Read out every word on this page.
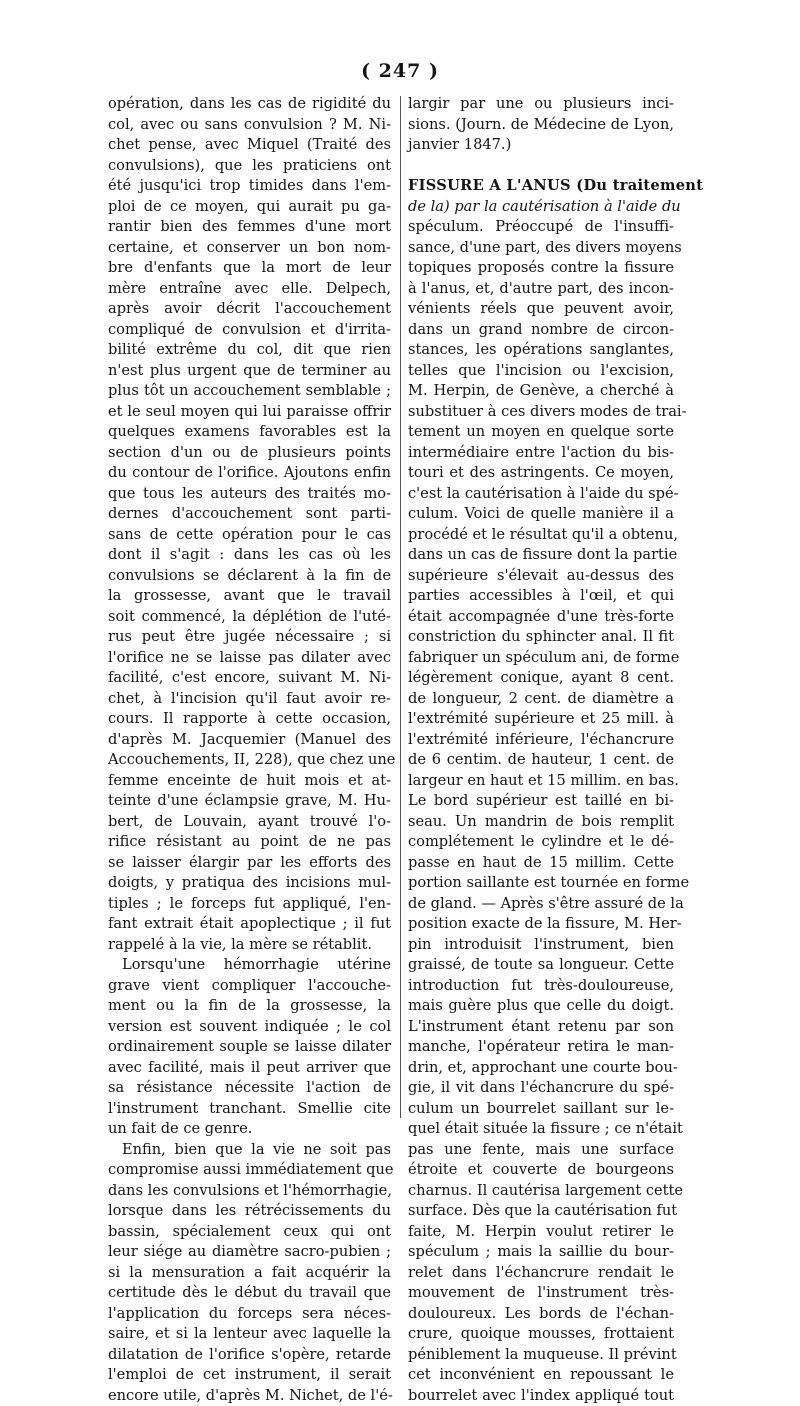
( 247 )
opération, dans les cas de rigidité du
col, avec ou sans convulsion ? M. Ni-
chet pense, avec Miquel (Traité des
convulsions), que les praticiens ont
été jusqu'ici trop timides dans l'em-
ploi de ce moyen, qui aurait pu ga-
rantir bien des femmes d'une mort
certaine, et conserver un bon nom-
bre d'enfants que la mort de leur
mère entraîne avec elle. Delpech,
après avoir décrit l'accouchement
compliqué de convulsion et d'irrita-
bilité extrême du col, dit que rien
n'est plus urgent que de terminer au
plus tôt un accouchement semblable ;
et le seul moyen qui lui paraisse offrir
quelques examens favorables est la
section d'un ou de plusieurs points
du contour de l'orifice. Ajoutons enfin
que tous les auteurs des traités mo-
dernes d'accouchement sont parti-
sans de cette opération pour le cas
dont il s'agit : dans les cas où les
convulsions se déclarent à la fin de
la grossesse, avant que le travail
soit commencé, la déplétion de l'uté-
rus peut être jugée nécessaire ; si
l'orifice ne se laisse pas dilater avec
facilité, c'est encore, suivant M. Ni-
chet, à l'incision qu'il faut avoir re-
cours. Il rapporte à cette occasion,
d'après M. Jacquemier (Manuel des
Accouchements, II, 228), que chez une
femme enceinte de huit mois et at-
teinte d'une éclampsie grave, M. Hu-
bert, de Louvain, ayant trouvé l'o-
rifice résistant au point de ne pas
se laisser élargir par les efforts des
doigts, y pratiqua des incisions mul-
tiples ; le forceps fut appliqué, l'en-
fant extrait était apoplectique ; il fut
rappelé à la vie, la mère se rétablit.
Lorsqu'une hémorrhagie utérine
grave vient compliquer l'accouche-
ment ou la fin de la grossesse, la
version est souvent indiquée ; le col
ordinairement souple se laisse dilater
avec facilité, mais il peut arriver que
sa résistance nécessite l'action de
l'instrument tranchant. Smellie cite
un fait de ce genre.
Enfin, bien que la vie ne soit pas
compromise aussi immédiatement que
dans les convulsions et l'hémorrhagie,
lorsque dans les rétrécissements du
bassin, spécialement ceux qui ont
leur siége au diamètre sacro-pubien ;
si la mensuration a fait acquérir la
certitude dès le début du travail que
l'application du forceps sera néces-
saire, et si la lenteur avec laquelle la
dilatation de l'orifice s'opère, retarde
l'emploi de cet instrument, il serait
encore utile, d'après M. Nichet, de l'é-
largir par une ou plusieurs inci-
sions. (Journ. de Médecine de Lyon,
janvier 1847.)

FISSURE A L'ANUS (Du traitement
de la) par la cautérisation à l'aide du
spéculum. Préoccupé de l'insuffi-
sance, d'une part, des divers moyens
topiques proposés contre la fissure
à l'anus, et, d'autre part, des incon-
vénients réels que peuvent avoir,
dans un grand nombre de circon-
stances, les opérations sanglantes,
telles que l'incision ou l'excision,
M. Herpin, de Genève, a cherché à
substituer à ces divers modes de trai-
tement un moyen en quelque sorte
intermédiaire entre l'action du bis-
touri et des astringents. Ce moyen,
c'est la cautérisation à l'aide du spé-
culum. Voici de quelle manière il a
procédé et le résultat qu'il a obtenu,
dans un cas de fissure dont la partie
supérieure s'élevait au-dessus des
parties accessibles à l'œil, et qui
était accompagnée d'une très-forte
constriction du sphincter anal. Il fit
fabriquer un spéculum ani, de forme
légèrement conique, ayant 8 cent.
de longueur, 2 cent. de diamètre a
l'extrémité supérieure et 25 mill. à
l'extrémité inférieure, l'échancrure
de 6 centim. de hauteur, 1 cent. de
largeur en haut et 15 millim. en bas.
Le bord supérieur est taillé en bi-
seau. Un mandrin de bois remplit
complétement le cylindre et le dé-
passe en haut de 15 millim. Cette
portion saillante est tournée en forme
de gland. — Après s'être assuré de la
position exacte de la fissure, M. Her-
pin introduisit l'instrument, bien
graissé, de toute sa longueur. Cette
introduction fut très-douloureuse,
mais guère plus que celle du doigt.
L'instrument étant retenu par son
manche, l'opérateur retira le man-
drin, et, approchant une courte bou-
gie, il vit dans l'échancrure du spé-
culum un bourrelet saillant sur le-
quel était située la fissure ; ce n'était
pas une fente, mais une surface
étroite et couverte de bourgeons
charnus. Il cautérisa largement cette
surface. Dès que la cautérisation fut
faite, M. Herpin voulut retirer le
spéculum ; mais la saillie du bour-
relet dans l'échancrure rendait le
mouvement de l'instrument très-
douloureux. Les bords de l'échan-
crure, quoique mousses, frottaient
péniblement la muqueuse. Il prévint
cet inconvénient en repoussant le
bourrelet avec l'index appliqué tout
